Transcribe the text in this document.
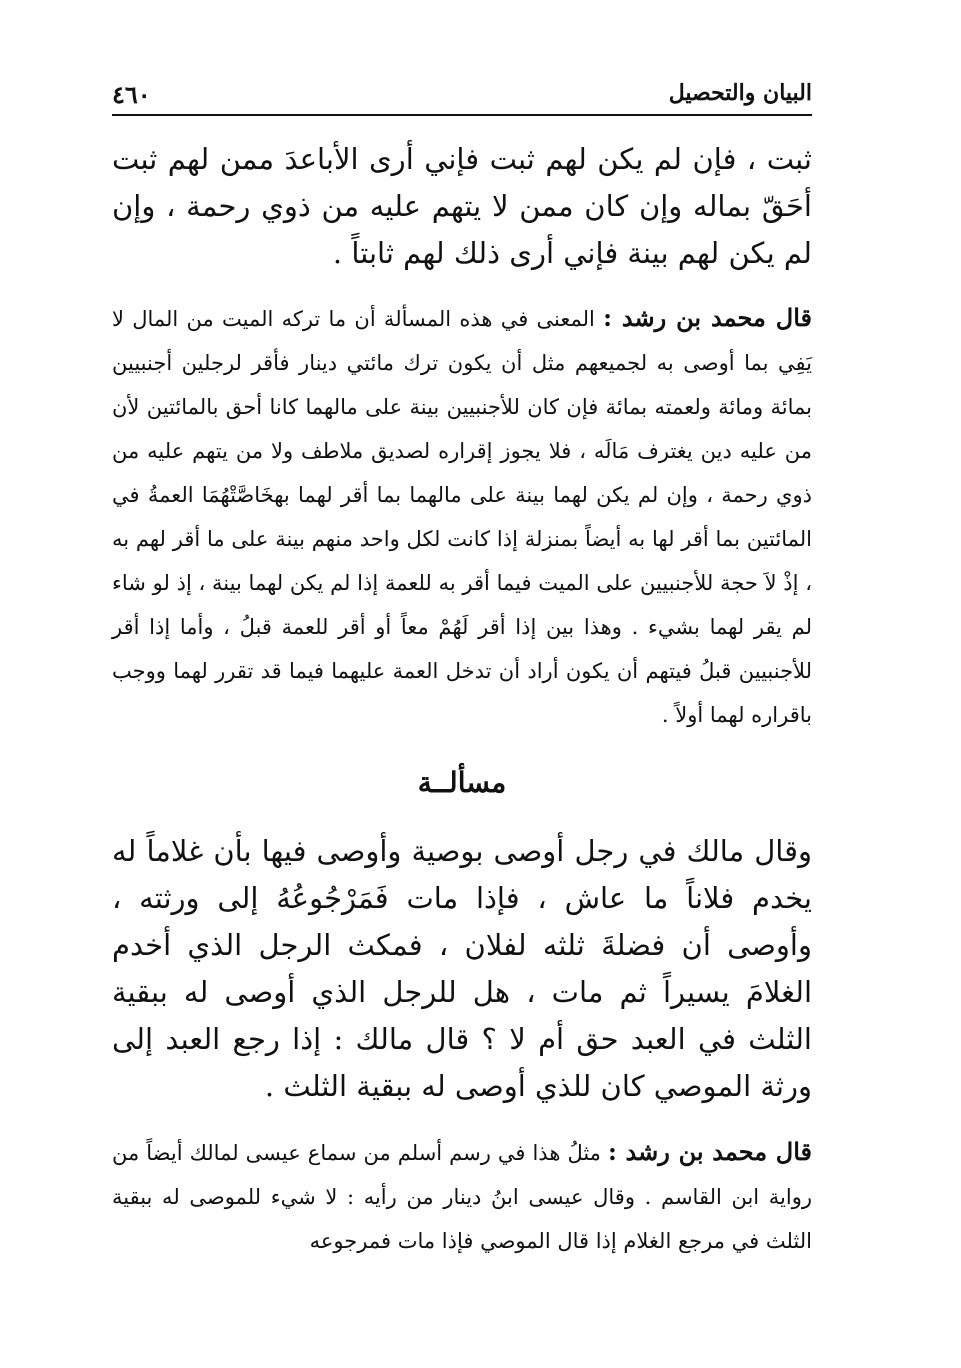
٤٦٠	البيان والتحصيل

ثبت ، فإن لم يكن لهم ثبت فإني أرى الأباعدَ ممن لهم ثبت أحَقّ بماله وإن كان ممن لا يتهم عليه من ذوي رحمة ، وإن لم يكن لهم بينة فإني أرى ذلك لهم ثابتاً .

قال محمد بن رشد : المعنى في هذه المسألة أن ما تركه الميت من المال لا يَفِي بما أوصى به لجميعهم مثل أن يكون ترك مائتي دينار فأقر لرجلين أجنبيين بمائة ومائة ولعمته بمائة فإن كان للأجنبيين بينة على مالهما كانا أحق بالمائتين لأن من عليه دين يغترف مَالَه ، فلا يجوز إقراره لصديق ملاطف ولا من يتهم عليه من ذوي رحمة ، وإن لم يكن لهما بينة على مالهما بما أقر لهما بهخَاصَّتْهُمَا العمةُ في المائتين بما أقر لها به أيضاً بمنزلة إذا كانت لكل واحد منهم بينة على ما أقر لهم به ، إذْ لاَ حجة للأجنبيين على الميت فيما أقر به للعمة إذا لم يكن لهما بينة ، إذ لو شاء لم يقر لهما بشيء . وهذا بين إذا أقر لَهُمْ معاً أو أقر للعمة قبلُ ، وأما إذا أقر للأجنبيين قبلُ فيتهم أن يكون أراد أن تدخل العمة عليهما فيما قد تقرر لهما ووجب باقراره لهما أولاً .

مسألــة

وقال مالك في رجل أوصى بوصية وأوصى فيها بأن غلاماً له يخدم فلاناً ما عاش ، فإذا مات فَمَرْجُوعُهُ إلى ورثته ، وأوصى أن فضلةَ ثلثه لفلان ، فمكث الرجل الذي أخدم الغلامَ يسيراً ثم مات ، هل للرجل الذي أوصى له ببقية الثلث في العبد حق أم لا ؟ قال مالك : إذا رجع العبد إلى ورثة الموصي كان للذي أوصى له ببقية الثلث .

قال محمد بن رشد : مثلُ هذا في رسم أسلم من سماع عيسى لمالك أيضاً من رواية ابن القاسم . وقال عيسى ابنُ دينار من رأيه : لا شيء للموصى له ببقية الثلث في مرجع الغلام إذا قال الموصي فإذا مات فمرجوعه
